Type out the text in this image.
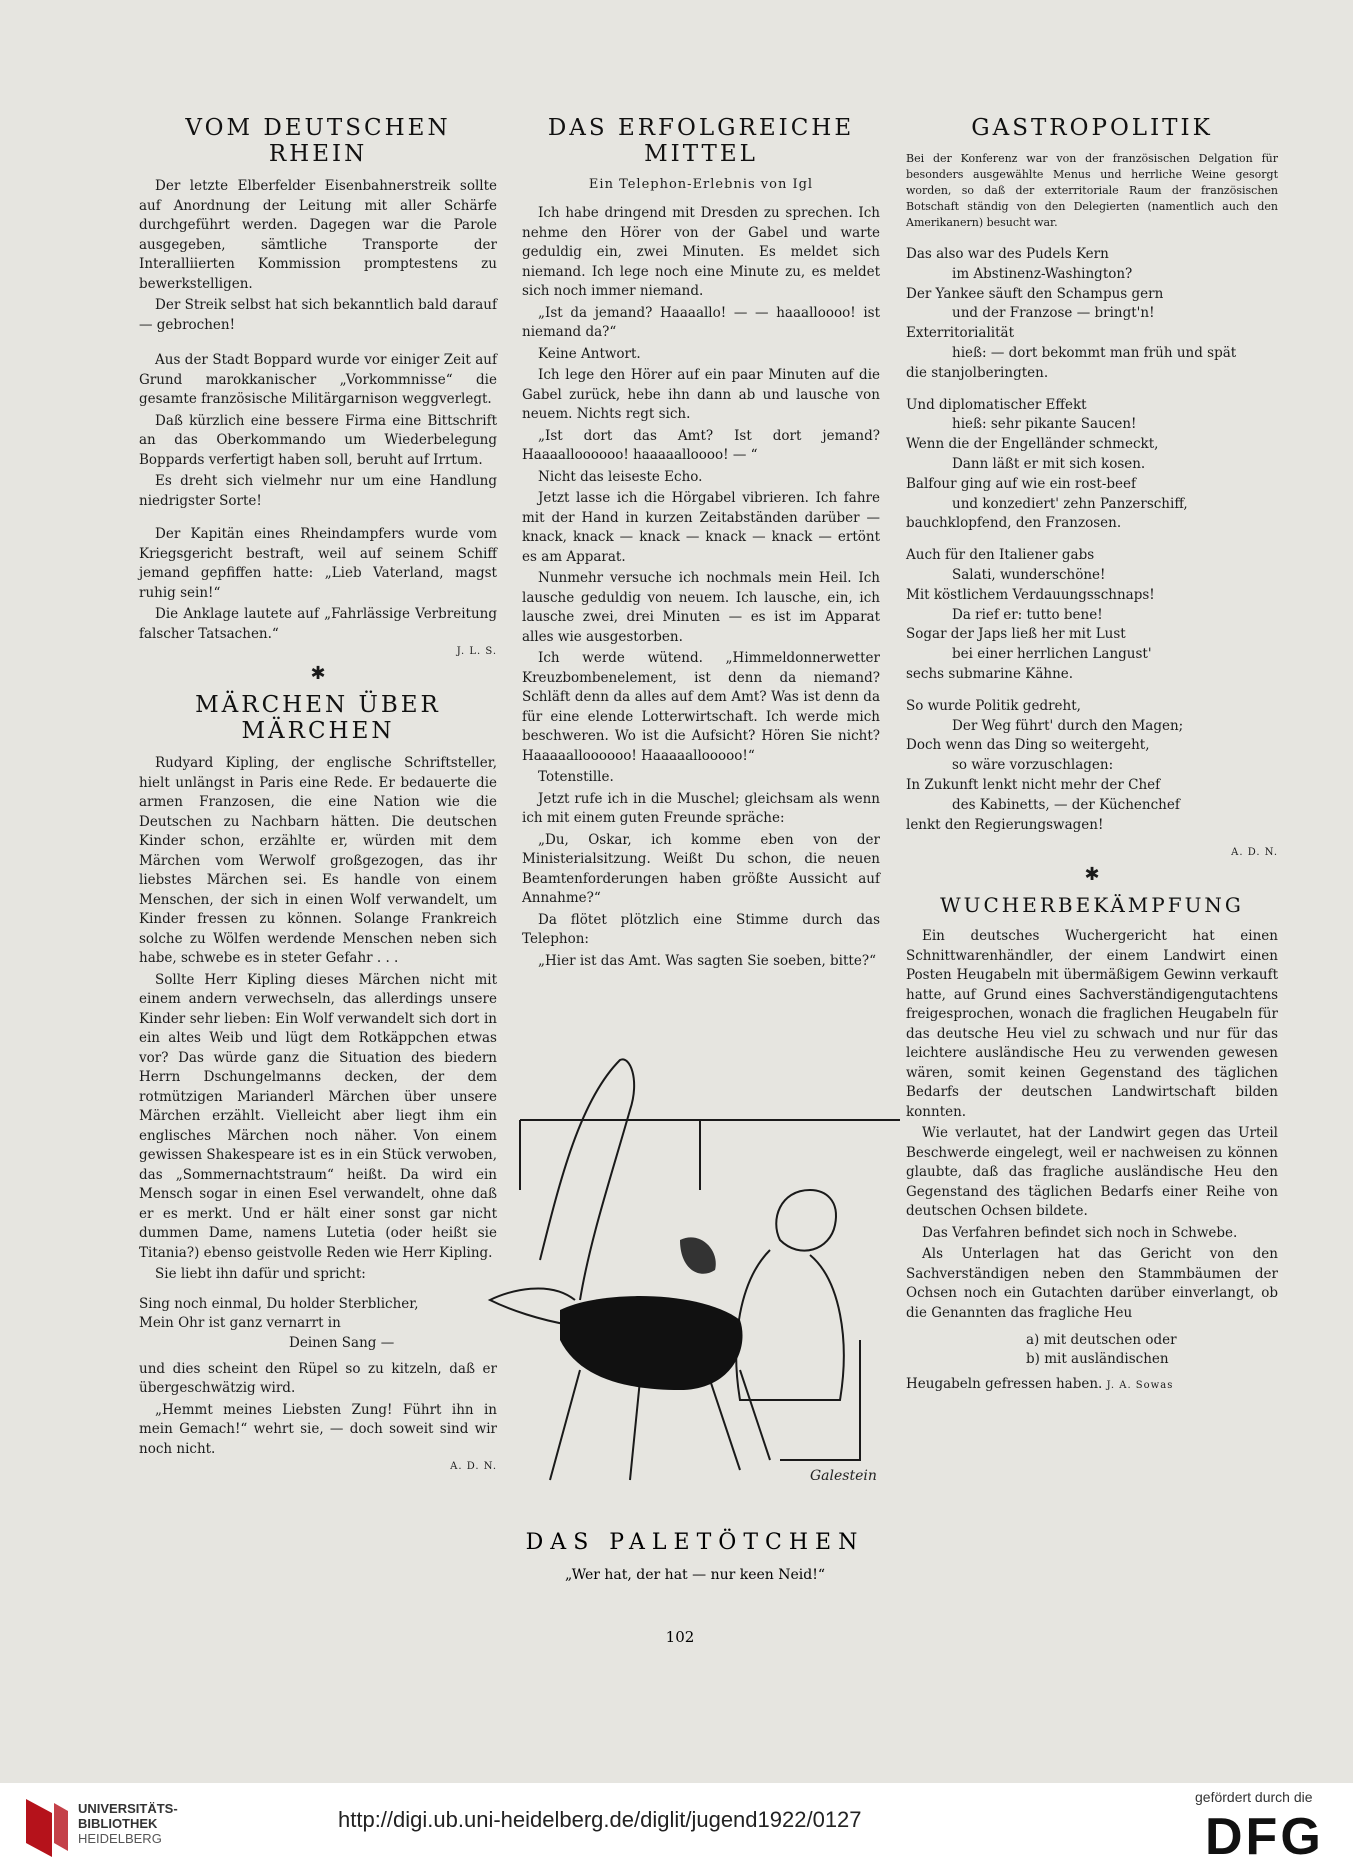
VOM DEUTSCHEN RHEIN

Der letzte Elberfelder Eisenbahnerstreik sollte auf Anordnung der Leitung mit aller Schärfe durchgeführt werden. Dagegen war die Parole ausgegeben, sämtliche Transporte der Interalliierten Kommission promptestens zu bewerkstelligen.

Der Streik selbst hat sich bekanntlich bald darauf — gebrochen!

Aus der Stadt Boppard wurde vor einiger Zeit auf Grund marokkanischer „Vorkommnisse“ die gesamte französische Militärgarnison weggverlegt.

Daß kürzlich eine bessere Firma eine Bittschrift an das Oberkommando um Wiederbelegung Boppards verfertigt haben soll, beruht auf Irrtum.

Es dreht sich vielmehr nur um eine Handlung niedrigster Sorte!

Der Kapitän eines Rheindampfers wurde vom Kriegsgericht bestraft, weil auf seinem Schiff jemand gepfiffen hatte: „Lieb Vaterland, magst ruhig sein!“

Die Anklage lautete auf „Fahrlässige Verbreitung falscher Tatsachen.“

J. L. S.
✱
MÄRCHEN ÜBER MÄRCHEN

Rudyard Kipling, der englische Schriftsteller, hielt unlängst in Paris eine Rede. Er bedauerte die armen Franzosen, die eine Nation wie die Deutschen zu Nachbarn hätten. Die deutschen Kinder schon, erzählte er, würden mit dem Märchen vom Werwolf großgezogen, das ihr liebstes Märchen sei. Es handle von einem Menschen, der sich in einen Wolf verwandelt, um Kinder fressen zu können. Solange Frankreich solche zu Wölfen werdende Menschen neben sich habe, schwebe es in steter Gefahr . . .

Sollte Herr Kipling dieses Märchen nicht mit einem andern verwechseln, das allerdings unsere Kinder sehr lieben: Ein Wolf verwandelt sich dort in ein altes Weib und lügt dem Rotkäppchen etwas vor? Das würde ganz die Situation des biedern Herrn Dschungelmanns decken, der dem rotmützigen Marianderl Märchen über unsere Märchen erzählt. Vielleicht aber liegt ihm ein englisches Märchen noch näher. Von einem gewissen Shakespeare ist es in ein Stück verwoben, das „Sommernachtstraum“ heißt. Da wird ein Mensch sogar in einen Esel verwandelt, ohne daß er es merkt. Und er hält einer sonst gar nicht dummen Dame, namens Lutetia (oder heißt sie Titania?) ebenso geistvolle Reden wie Herr Kipling.

Sie liebt ihn dafür und spricht:

Sing noch einmal, Du holder Sterblicher,
Mein Ohr ist ganz vernarrt in
Deinen Sang —

und dies scheint den Rüpel so zu kitzeln, daß er übergeschwätzig wird.

„Hemmt meines Liebsten Zung! Führt ihn in mein Gemach!“ wehrt sie, — doch soweit sind wir noch nicht.

A. D. N.
DAS ERFOLGREICHE MITTEL
Ein Telephon-Erlebnis von Igl

Ich habe dringend mit Dresden zu sprechen. Ich nehme den Hörer von der Gabel und warte geduldig ein, zwei Minuten. Es meldet sich niemand. Ich lege noch eine Minute zu, es meldet sich noch immer niemand.

„Ist da jemand? Haaaallo! — — haaalloooo! ist niemand da?“

Keine Antwort.

Ich lege den Hörer auf ein paar Minuten auf die Gabel zurück, hebe ihn dann ab und lausche von neuem. Nichts regt sich.

„Ist dort das Amt? Ist dort jemand? Haaaalloooooo! haaaaalloooo! — “

Nicht das leiseste Echo.

Jetzt lasse ich die Hörgabel vibrieren. Ich fahre mit der Hand in kurzen Zeitabständen darüber — knack, knack — knack — knack — knack — ertönt es am Apparat.

Nunmehr versuche ich nochmals mein Heil. Ich lausche geduldig von neuem. Ich lausche, ein, ich lausche zwei, drei Minuten — es ist im Apparat alles wie ausgestorben.

Ich werde wütend. „Himmeldonnerwetter Kreuzbombenelement, ist denn da niemand? Schläft denn da alles auf dem Amt? Was ist denn da für eine elende Lotterwirtschaft. Ich werde mich beschweren. Wo ist die Aufsicht? Hören Sie nicht? Haaaaalloooooo! Haaaaallooooo!“

Totenstille.

Jetzt rufe ich in die Muschel; gleichsam als wenn ich mit einem guten Freunde spräche:

„Du, Oskar, ich komme eben von der Ministerialsitzung. Weißt Du schon, die neuen Beamtenforderungen haben größte Aussicht auf Annahme?“

Da flötet plötzlich eine Stimme durch das Telephon:

„Hier ist das Amt. Was sagten Sie soeben, bitte?“

Galestein
DAS PALETÖTCHEN
„Wer hat, der hat — nur keen Neid!“
GASTROPOLITIK

Bei der Konferenz war von der französischen Delgation für besonders ausgewählte Menus und herrliche Weine gesorgt worden, so daß der exterritoriale Raum der französischen Botschaft ständig von den Delegierten (namentlich auch den Amerikanern) besucht war.

Das also war des Pudels Kern
im Abstinenz-Washington?
Der Yankee säuft den Schampus gern
und der Franzose — bringt'n!
Exterritorialität
hieß: — dort bekommt man früh und spät
die stanjolberingten.
Und diplomatischer Effekt
hieß: sehr pikante Saucen!
Wenn die der Engelländer schmeckt,
Dann läßt er mit sich kosen.
Balfour ging auf wie ein rost-beef
und konzediert' zehn Panzerschiff,
bauchklopfend, den Franzosen.
Auch für den Italiener gabs
Salati, wunderschöne!
Mit köstlichem Verdauungsschnaps!
Da rief er: tutto bene!
Sogar der Japs ließ her mit Lust
bei einer herrlichen Langust'
sechs submarine Kähne.
So wurde Politik gedreht,
Der Weg führt' durch den Magen;
Doch wenn das Ding so weitergeht,
so wäre vorzuschlagen:
In Zukunft lenkt nicht mehr der Chef
des Kabinetts, — der Küchenchef
lenkt den Regierungswagen!
A. D. N.
✱
WUCHERBEKÄMPFUNG

Ein deutsches Wuchergericht hat einen Schnittwarenhändler, der einem Landwirt einen Posten Heugabeln mit übermäßigem Gewinn verkauft hatte, auf Grund eines Sachverständigengutachtens freigesprochen, wonach die fraglichen Heugabeln für das deutsche Heu viel zu schwach und nur für das leichtere ausländische Heu zu verwenden gewesen wären, somit keinen Gegenstand des täglichen Bedarfs der deutschen Landwirtschaft bilden konnten.

Wie verlautet, hat der Landwirt gegen das Urteil Beschwerde eingelegt, weil er nachweisen zu können glaubte, daß das fragliche ausländische Heu den Gegenstand des täglichen Bedarfs einer Reihe von deutschen Ochsen bildete.

Das Verfahren befindet sich noch in Schwebe.

Als Unterlagen hat das Gericht von den Sachverständigen neben den Stammbäumen der Ochsen noch ein Gutachten darüber einverlangt, ob die Genannten das fragliche Heu

a) mit deutschen oder
b) mit ausländischen

Heugabeln gefressen haben. J. A. Sowas

102
UNIVERSITÄTS-
BIBLIOTHEK
HEIDELBERG
http://digi.ub.uni-heidelberg.de/diglit/jugend1922/0127
gefördert durch die
DFG
